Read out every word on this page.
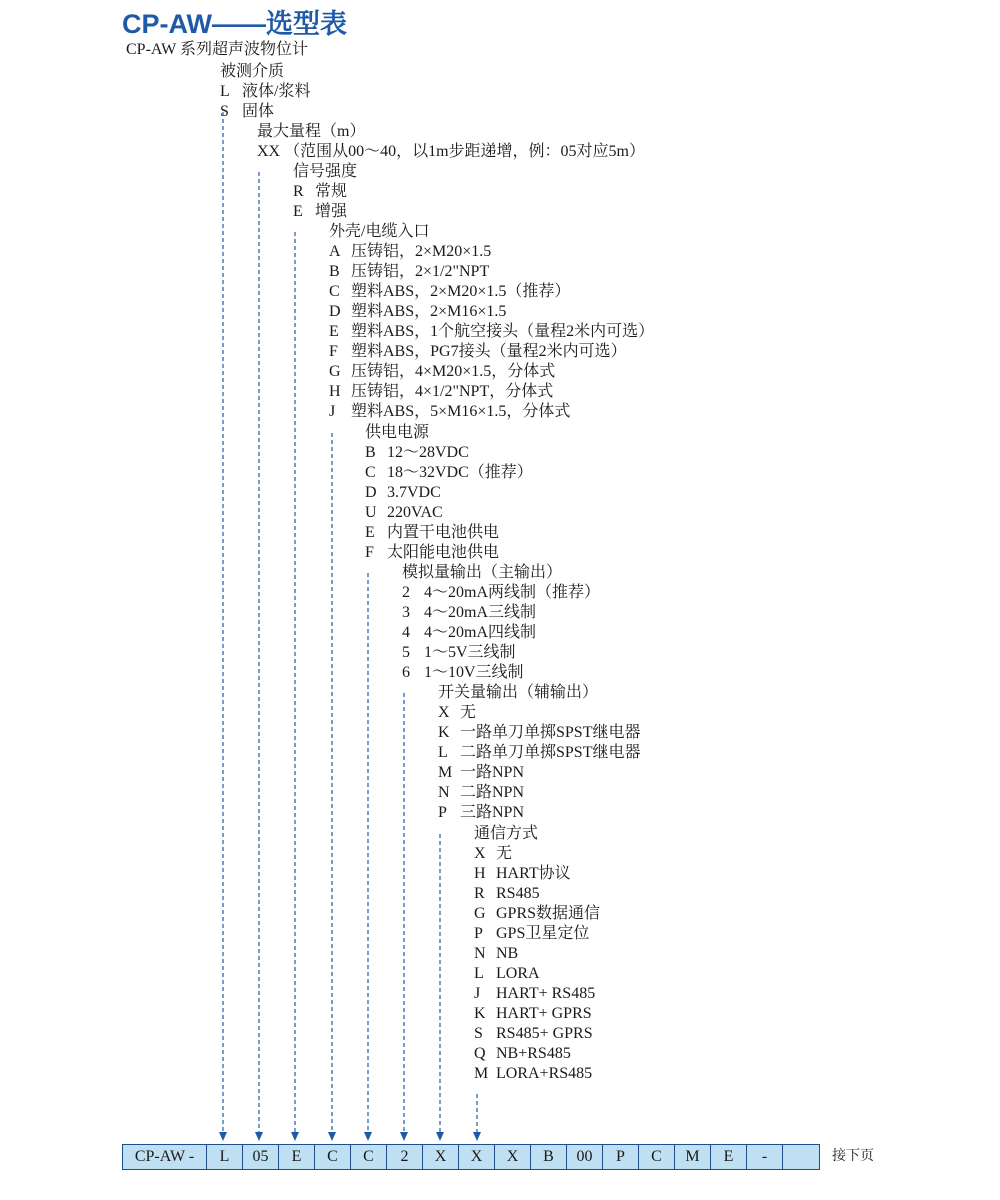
CP-AW——选型表
CP-AW 系列超声波物位计
被测介质
L 液体/浆料
S 固体
最大量程（m）
XX （范围从00～40，以1m步距递增，例：05对应5m）
信号强度
R 常规
E 增强
外壳/电缆入口
A 压铸铝，2×M20×1.5
B 压铸铝，2×1/2"NPT
C 塑料ABS，2×M20×1.5（推荐）
D 塑料ABS，2×M16×1.5
E 塑料ABS，1个航空接头（量程2米内可选）
F 塑料ABS，PG7接头（量程2米内可选）
G 压铸铝，4×M20×1.5，分体式
H 压铸铝，4×1/2"NPT，分体式
J 塑料ABS，5×M16×1.5，分体式
供电电源
B 12～28VDC
C 18～32VDC（推荐）
D 3.7VDC
U 220VAC
E 内置干电池供电
F 太阳能电池供电
模拟量输出（主输出）
2 4～20mA两线制（推荐）
3 4～20mA三线制
4 4～20mA四线制
5 1～5V三线制
6 1～10V三线制
开关量输出（辅输出）
X 无
K 一路单刀单掷SPST继电器
L 二路单刀单掷SPST继电器
M 一路NPN
N 二路NPN
P 三路NPN
通信方式
X 无
H HART协议
R RS485
G GPRS数据通信
P GPS卫星定位
N NB
L LORA
J HART+ RS485
K HART+ GPRS
S RS485+ GPRS
Q NB+RS485
M LORA+RS485
CP-AW -	L	05	E	C	C	2	X	X	X	B	00	P	C	M	E	-	接下页
